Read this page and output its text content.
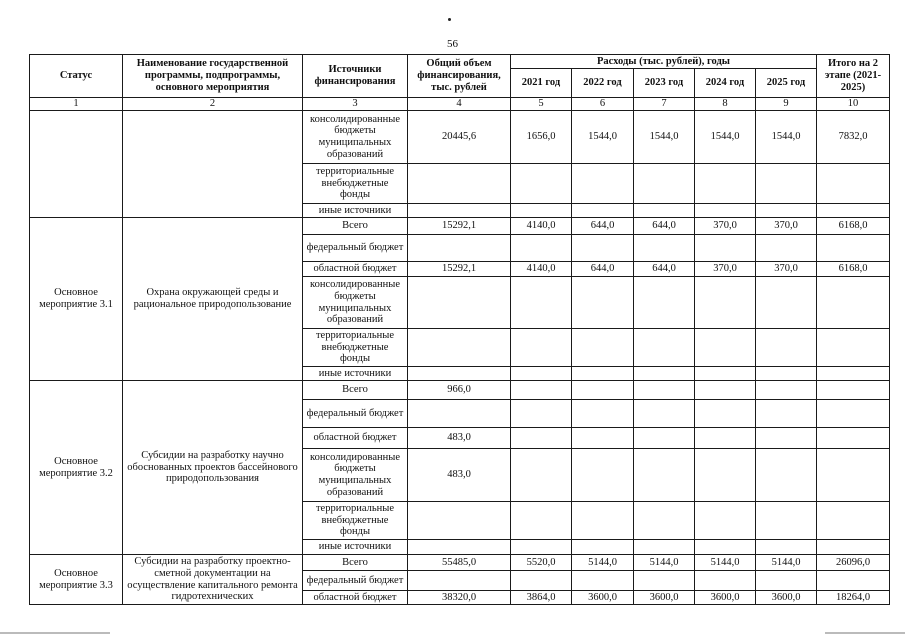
56
Статус	Наименование государственной программы, подпрограммы, основного мероприятия	Источники финансирования	Общий объем финансирования, тыс. рублей	Расходы (тыс. рублей), годы					Итого на 2 этапе (2021-2025)
				2021 год	2022 год	2023 год	2024 год	2025 год	
1	2	3	4	5	6	7	8	9	10
		консолидированные бюджеты муниципальных образований	20445,6	1656,0	1544,0	1544,0	1544,0	1544,0	7832,0
		территориальные внебюджетные фонды							
		иные источники							
Основное мероприятие 3.1	Охрана окружающей среды и рациональное природопользование	Всего	15292,1	4140,0	644,0	644,0	370,0	370,0	6168,0
		федеральный бюджет							
		областной бюджет	15292,1	4140,0	644,0	644,0	370,0	370,0	6168,0
		консолидированные бюджеты муниципальных образований							
		территориальные внебюджетные фонды							
		иные источники							
Основное мероприятие 3.2	Субсидии на разработку научно обоснованных проектов бассейнового природопользования	Всего	966,0						
		федеральный бюджет							
		областной бюджет	483,0						
		консолидированные бюджеты муниципальных образований	483,0						
		территориальные внебюджетные фонды							
		иные источники							
Основное мероприятие 3.3	Субсидии на разработку проектно-сметной документации на осуществление капитального ремонта гидротехнических	Всего	55485,0	5520,0	5144,0	5144,0	5144,0	5144,0	26096,0
		федеральный бюджет							
		областной бюджет	38320,0	3864,0	3600,0	3600,0	3600,0	3600,0	18264,0
